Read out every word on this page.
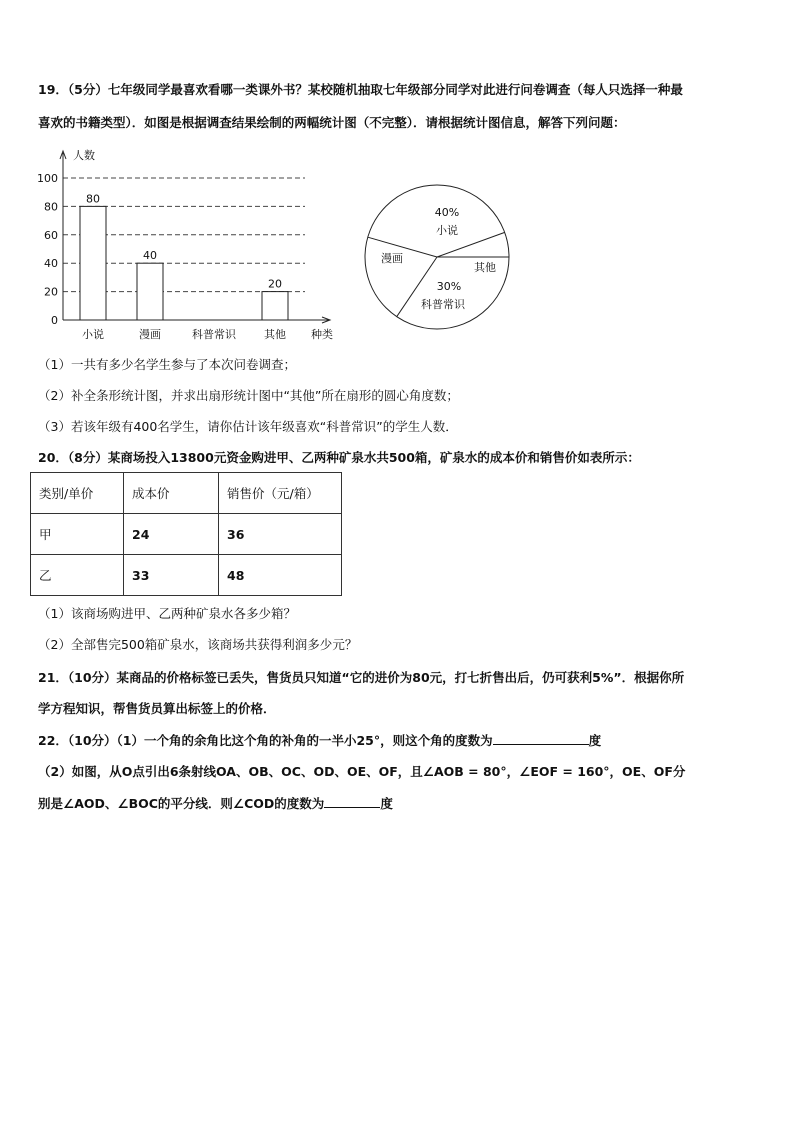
19．（5分）七年级同学最喜欢看哪一类课外书？某校随机抽取七年级部分同学对此进行问卷调查（每人只选择一种最
喜欢的书籍类型）．如图是根据调查结果绘制的两幅统计图（不完整）．请根据统计图信息，解答下列问题：
0
20
40
60
80
100
人数
种类
80
小说
40
漫画	科普常识
20
其他
40%
小说
其他
30%
科普常识
漫画
（1）一共有多少名学生参与了本次问卷调查；
（2）补全条形统计图，并求出扇形统计图中“其他”所在扇形的圆心角度数；
（3）若该年级有400名学生，请你估计该年级喜欢“科普常识”的学生人数．
20．（8分）某商场投入13800元资金购进甲、乙两种矿泉水共500箱，矿泉水的成本价和销售价如表所示：
类别/单价	成本价	销售价（元/箱）
甲	24	36
乙	33	48
（1）该商场购进甲、乙两种矿泉水各多少箱？
（2）全部售完500箱矿泉水，该商场共获得利润多少元？
21．（10分）某商品的价格标签已丢失，售货员只知道“它的进价为80元，打七折售出后，仍可获利5%”．根据你所
学方程知识，帮售货员算出标签上的价格．
22．（10分）（1）一个角的余角比这个角的补角的一半小25°，则这个角的度数为	度
（2）如图，从O点引出6条射线OA、OB、OC、OD、OE、OF，且∠AOB = 80°，∠EOF = 160°，OE、OF分
别是∠AOD、∠BOC的平分线．则∠COD的度数为	度
